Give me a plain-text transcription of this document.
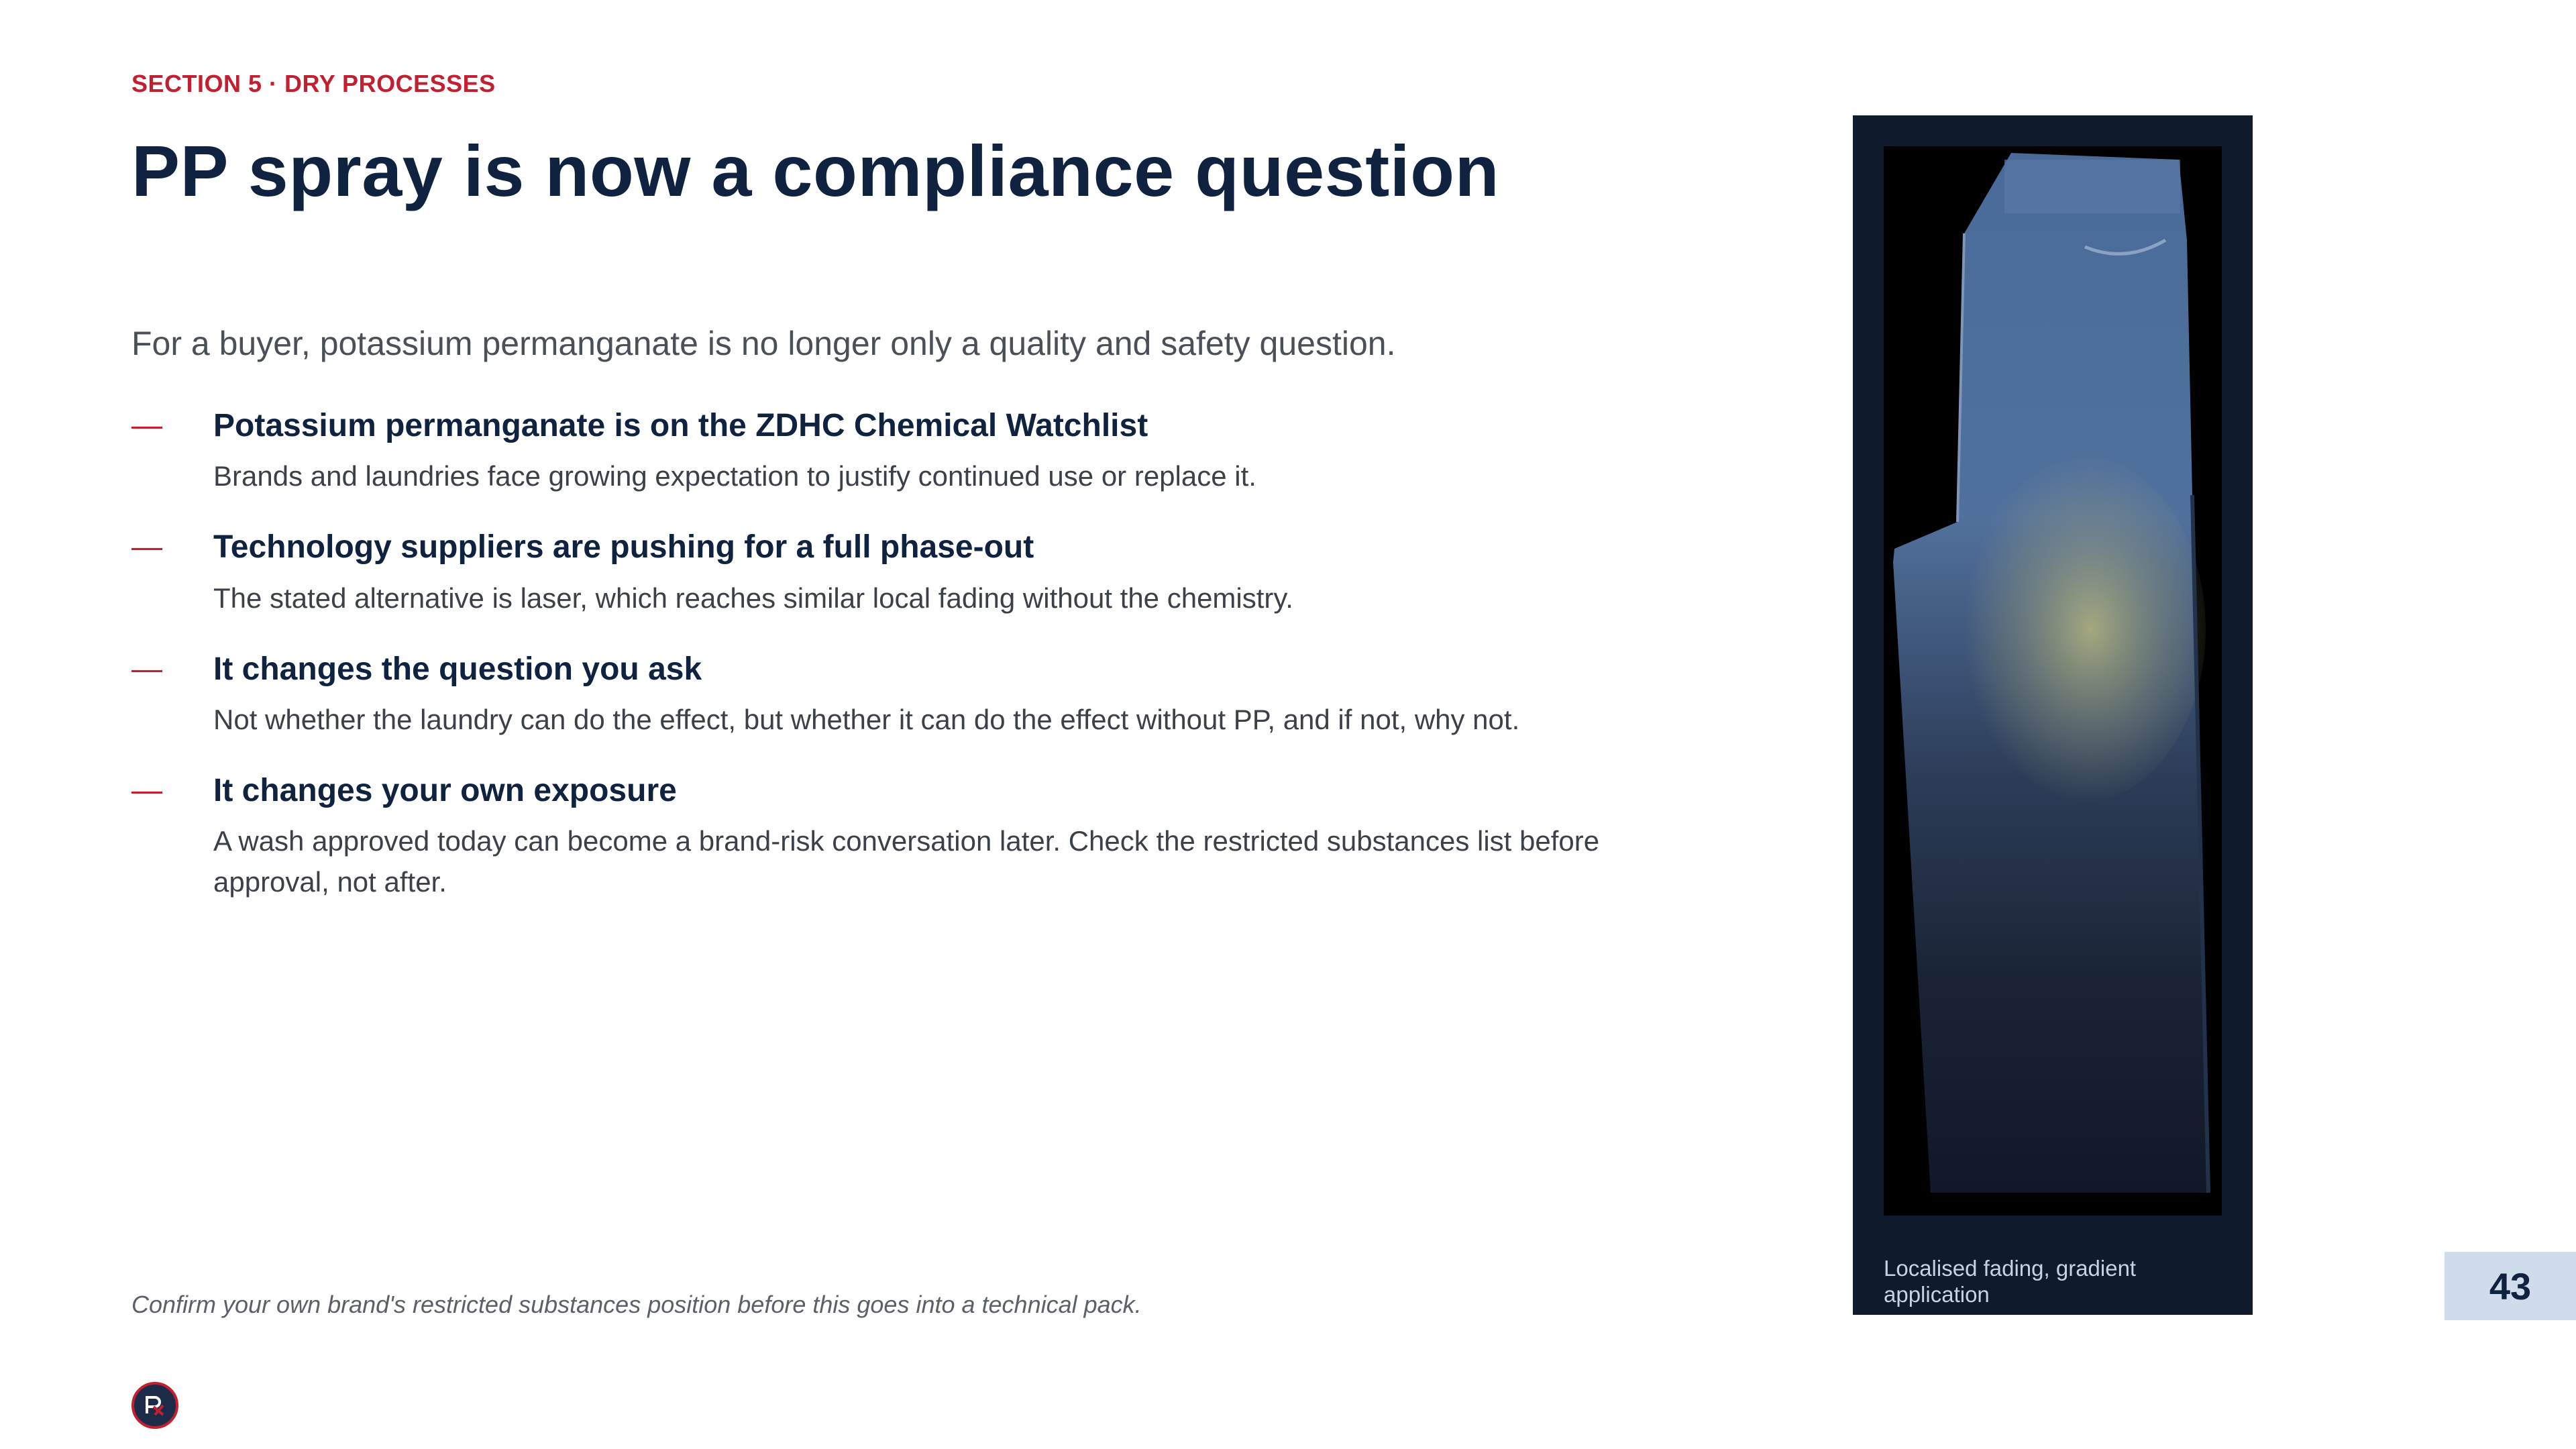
SECTION 5 · DRY PROCESSES
PP spray is now a compliance question
For a buyer, potassium permanganate is no longer only a quality and safety question.
— Potassium permanganate is on the ZDHC Chemical Watchlist
Brands and laundries face growing expectation to justify continued use or replace it.
— Technology suppliers are pushing for a full phase-out
The stated alternative is laser, which reaches similar local fading without the chemistry.
— It changes the question you ask
Not whether the laundry can do the effect, but whether it can do the effect without PP, and if not, why not.
— It changes your own exposure
A wash approved today can become a brand-risk conversation later. Check the restricted substances list before approval, not after.
Confirm your own brand's restricted substances position before this goes into a technical pack.
Localised fading, gradient application	43
